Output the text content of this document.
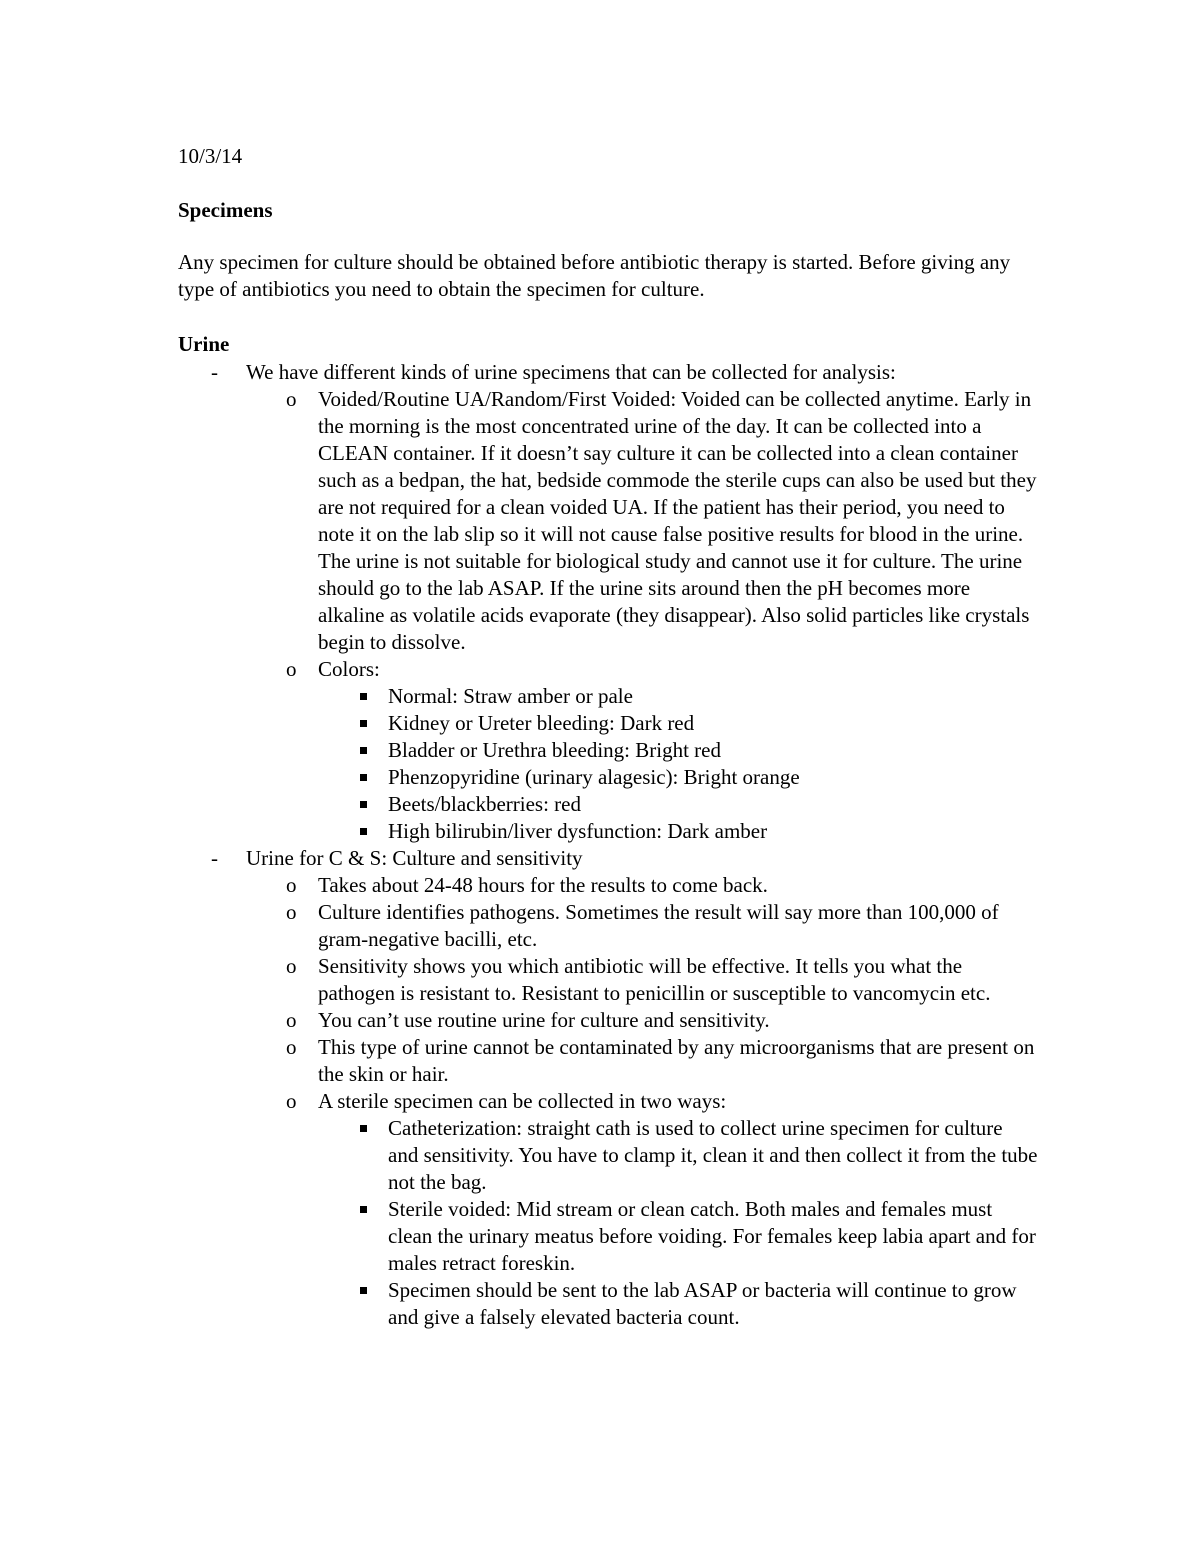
10/3/14

Specimens

Any specimen for culture should be obtained before antibiotic therapy is started. Before giving any type of antibiotics you need to obtain the specimen for culture.

Urine

- We have different kinds of urine specimens that can be collected for analysis:
o Voided/Routine UA/Random/First Voided: Voided can be collected anytime. Early in the morning is the most concentrated urine of the day. It can be collected into a CLEAN container. If it doesn’t say culture it can be collected into a clean container such as a bedpan, the hat, bedside commode the sterile cups can also be used but they are not required for a clean voided UA. If the patient has their period, you need to note it on the lab slip so it will not cause false positive results for blood in the urine. The urine is not suitable for biological study and cannot use it for culture. The urine should go to the lab ASAP. If the urine sits around then the pH becomes more alkaline as volatile acids evaporate (they disappear). Also solid particles like crystals begin to dissolve.
o Colors:
Normal: Straw amber or pale
Kidney or Ureter bleeding: Dark red
Bladder or Urethra bleeding: Bright red
Phenzopyridine (urinary alagesic): Bright orange
Beets/blackberries: red
High bilirubin/liver dysfunction: Dark amber
- Urine for C & S: Culture and sensitivity
o Takes about 24-48 hours for the results to come back.
o Culture identifies pathogens. Sometimes the result will say more than 100,000 of gram-negative bacilli, etc.
o Sensitivity shows you which antibiotic will be effective. It tells you what the pathogen is resistant to. Resistant to penicillin or susceptible to vancomycin etc.
o You can’t use routine urine for culture and sensitivity.
o This type of urine cannot be contaminated by any microorganisms that are present on the skin or hair.
o A sterile specimen can be collected in two ways:
Catheterization: straight cath is used to collect urine specimen for culture and sensitivity. You have to clamp it, clean it and then collect it from the tube not the bag.
Sterile voided: Mid stream or clean catch. Both males and females must clean the urinary meatus before voiding. For females keep labia apart and for males retract foreskin.
Specimen should be sent to the lab ASAP or bacteria will continue to grow and give a falsely elevated bacteria count.
